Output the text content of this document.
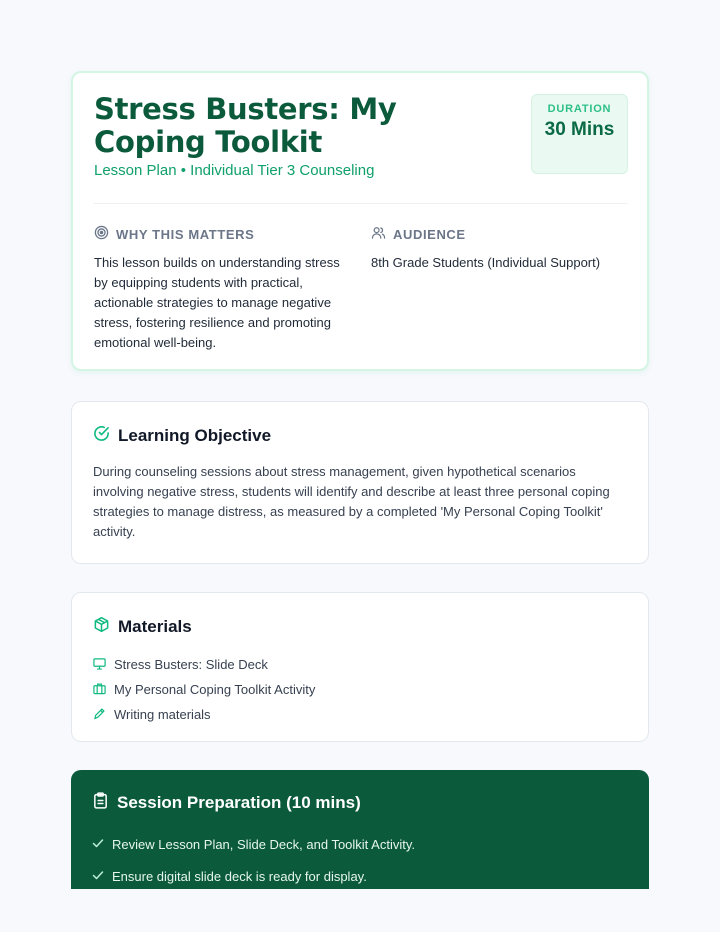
Stress Busters: My Coping Toolkit
Lesson Plan • Individual Tier 3 Counseling
DURATION
30 Mins
WHY THIS MATTERS

This lesson builds on understanding stress by equipping students with practical, actionable strategies to manage negative stress, fostering resilience and promoting emotional well-being.

AUDIENCE

8th Grade Students (Individual Support)

Learning Objective

During counseling sessions about stress management, given hypothetical scenarios involving negative stress, students will identify and describe at least three personal coping strategies to manage distress, as measured by a completed 'My Personal Coping Toolkit' activity.

Materials
Stress Busters: Slide Deck
My Personal Coping Toolkit Activity
Writing materials
Session Preparation (10 mins)
Review Lesson Plan, Slide Deck, and Toolkit Activity.
Ensure digital slide deck is ready for display.
